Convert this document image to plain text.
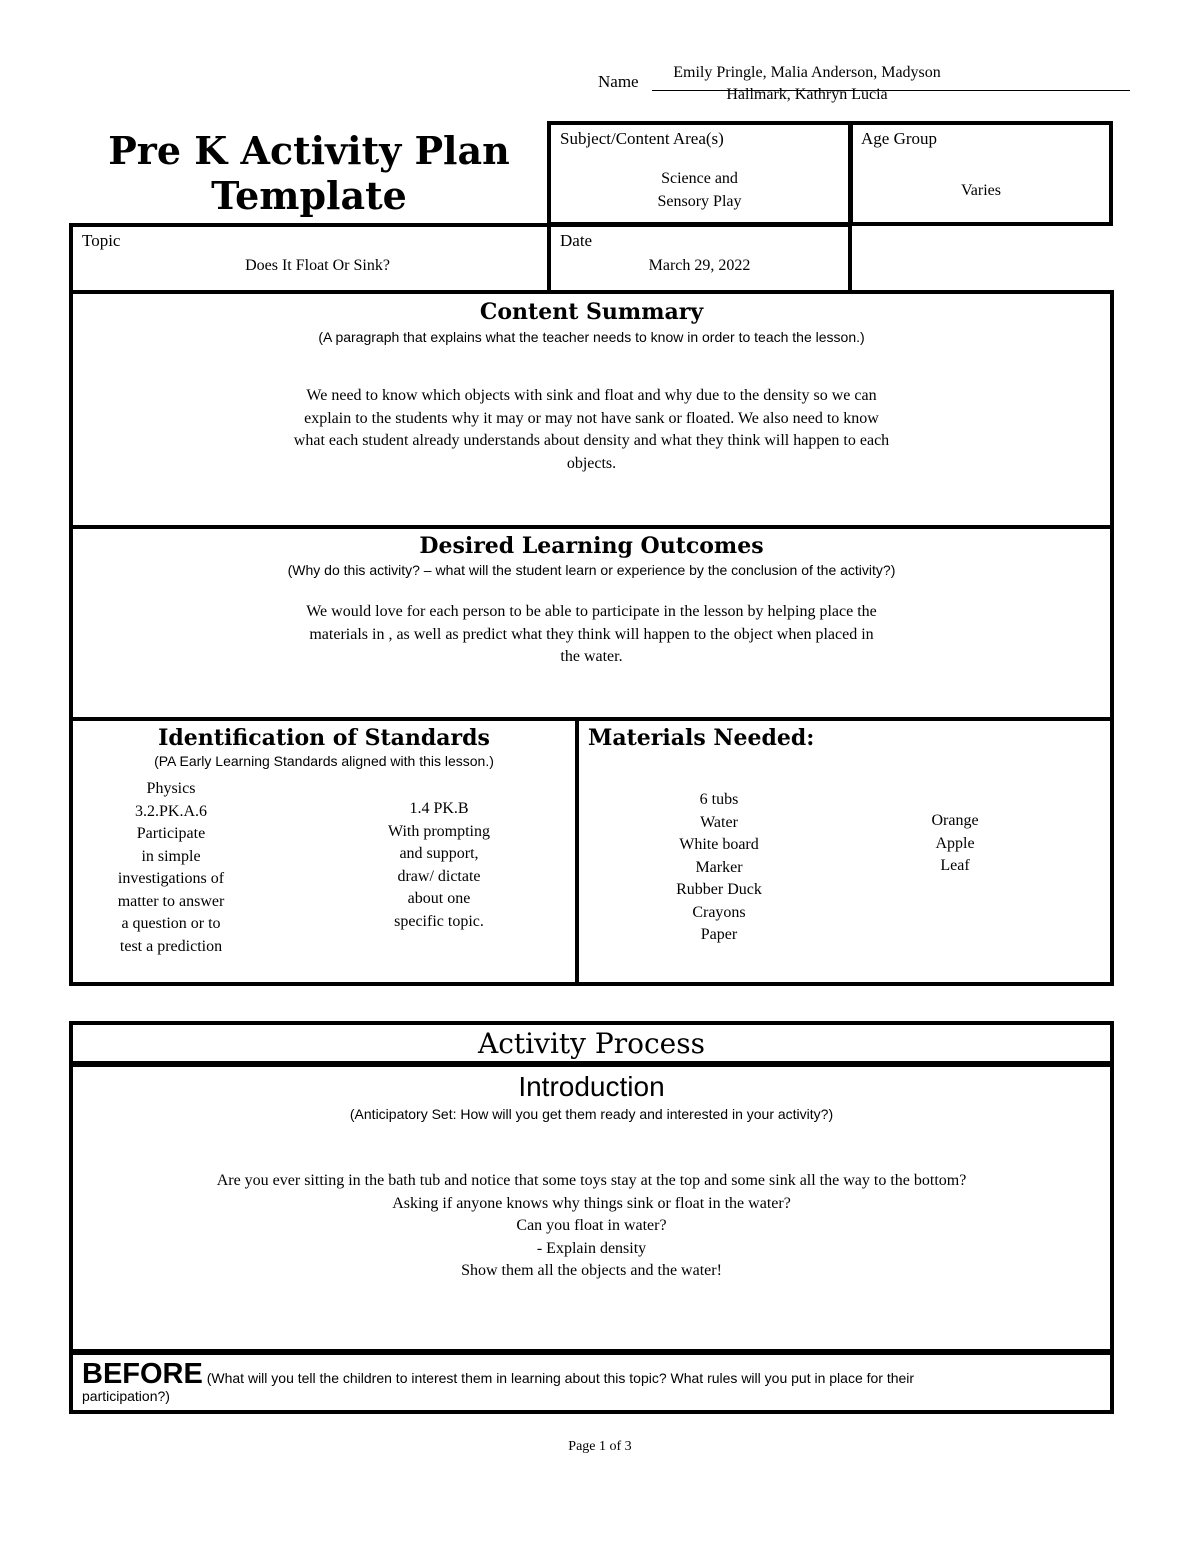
Name	Emily Pringle, Malia Anderson, Madyson
Hallmark, Kathryn Lucia
Pre K Activity Plan
Template
Subject/Content Area(s)
Science and
Sensory Play
Age Group
Varies
Topic
Does It Float Or Sink?
Date
March 29, 2022
Content Summary
(A paragraph that explains what the teacher needs to know in order to teach the lesson.)
We need to know which objects with sink and float and why due to the density so we can
explain to the students why it may or may not have sank or floated. We also need to know
what each student already understands about density and what they think will happen to each
objects.
Desired Learning Outcomes
(Why do this activity? – what will the student learn or experience by the conclusion of the activity?)
We would love for each person to be able to participate in the lesson by helping place the
materials in , as well as predict what they think will happen to the object when placed in
the water.
Identification of Standards
(PA Early Learning Standards aligned with this lesson.)
Physics
3.2.PK.A.6
Participate
in simple
investigations of
matter to answer
a question or to
test a prediction
1.4 PK.B
With prompting
and support,
draw/ dictate
about one
specific topic.
Materials Needed:
6 tubs
Water
White board
Marker
Rubber Duck
Crayons
Paper
Orange
Apple
Leaf
Activity Process
Introduction
(Anticipatory Set: How will you get them ready and interested in your activity?)
Are you ever sitting in the bath tub and notice that some toys stay at the top and some sink all the way to the bottom?
Asking if anyone knows why things sink or float in the water?
Can you float in water?
- Explain density
Show them all the objects and the water!
BEFORE (What will you tell the children to interest them in learning about this topic? What rules will you put in place for their
participation?)
Page 1 of 3
